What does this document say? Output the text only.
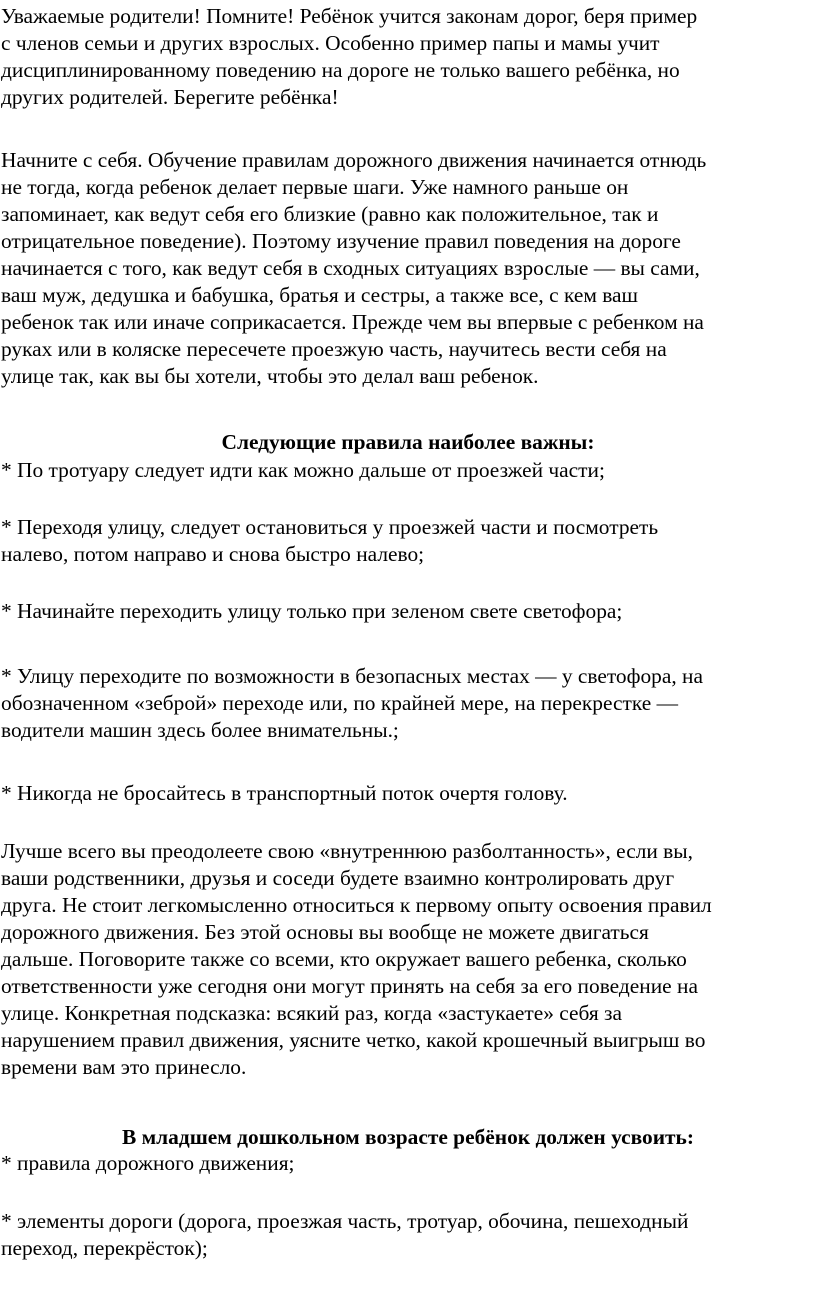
Уважаемые родители! Помните! Ребёнок учится законам дорог, беря пример
с членов семьи и других взрослых. Особенно пример папы и мамы учит
дисциплинированному поведению на дороге не только вашего ребёнка, но
других родителей. Берегите ребёнка!

Начните с себя. Обучение правилам дорожного движения начинается отнюдь
не тогда, когда ребенок делает первые шаги. Уже намного раньше он
запоминает, как ведут себя его близкие (равно как положительное, так и
отрицательное поведение). Поэтому изучение правил поведения на дороге
начинается с того, как ведут себя в сходных ситуациях взрослые — вы сами,
ваш муж, дедушка и бабушка, братья и сестры, а также все, с кем ваш
ребенок так или иначе соприкасается. Прежде чем вы впервые с ребенком на
руках или в коляске пересечете проезжую часть, научитесь вести себя на
улице так, как вы бы хотели, чтобы это делал ваш ребенок.

Следующие правила наиболее важны:

* По тротуару следует идти как можно дальше от проезжей части;

* Переходя улицу, следует остановиться у проезжей части и посмотреть
налево, потом направо и снова быстро налево;

* Начинайте переходить улицу только при зеленом свете светофора;

* Улицу переходите по возможности в безопасных местах — у светофора, на
обозначенном «зеброй» переходе или, по крайней мере, на перекрестке —
водители машин здесь более внимательны.;

* Никогда не бросайтесь в транспортный поток очертя голову.

Лучше всего вы преодолеете свою «внутреннюю разболтанность», если вы,
ваши родственники, друзья и соседи будете взаимно контролировать друг
друга. Не стоит легкомысленно относиться к первому опыту освоения правил
дорожного движения. Без этой основы вы вообще не можете двигаться
дальше. Поговорите также со всеми, кто окружает вашего ребенка, сколько
ответственности уже сегодня они могут принять на себя за его поведение на
улице. Конкретная подсказка: всякий раз, когда «застукаете» себя за
нарушением правил движения, уясните четко, какой крошечный выигрыш во
времени вам это принесло.

В младшем дошкольном возрасте ребёнок должен усвоить:

* правила дорожного движения;

* элементы дороги (дорога, проезжая часть, тротуар, обочина, пешеходный
переход, перекрёсток);
